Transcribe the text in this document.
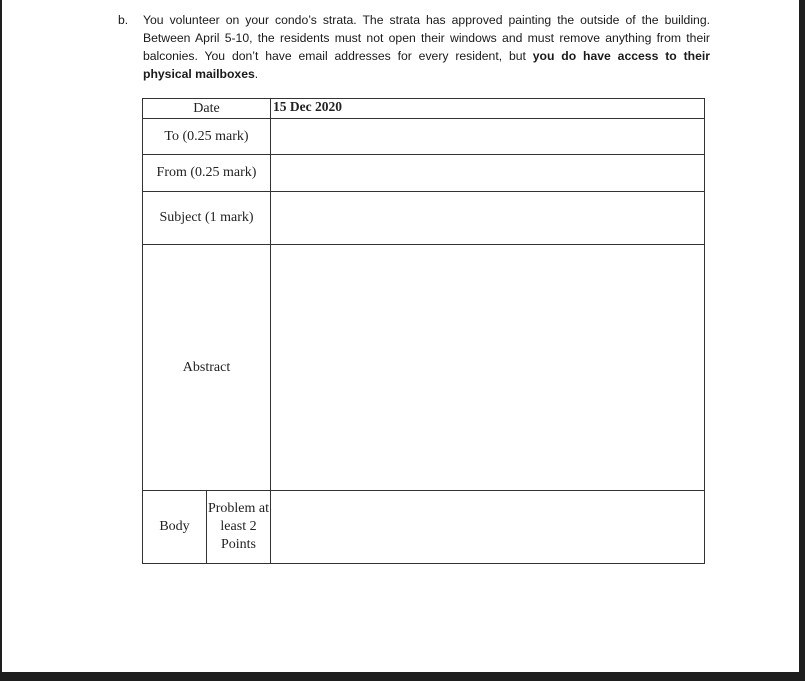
b. You volunteer on your condo’s strata. The strata has approved painting the outside of the building. Between April 5-10, the residents must not open their windows and must remove anything from their balconies. You don’t have email addresses for every resident, but you do have access to their physical mailboxes.
Date		15 Dec 2020
To (0.25 mark)		
From (0.25 mark)		
Subject (1 mark)		
Abstract		
Body	Problem at least 2 Points	
